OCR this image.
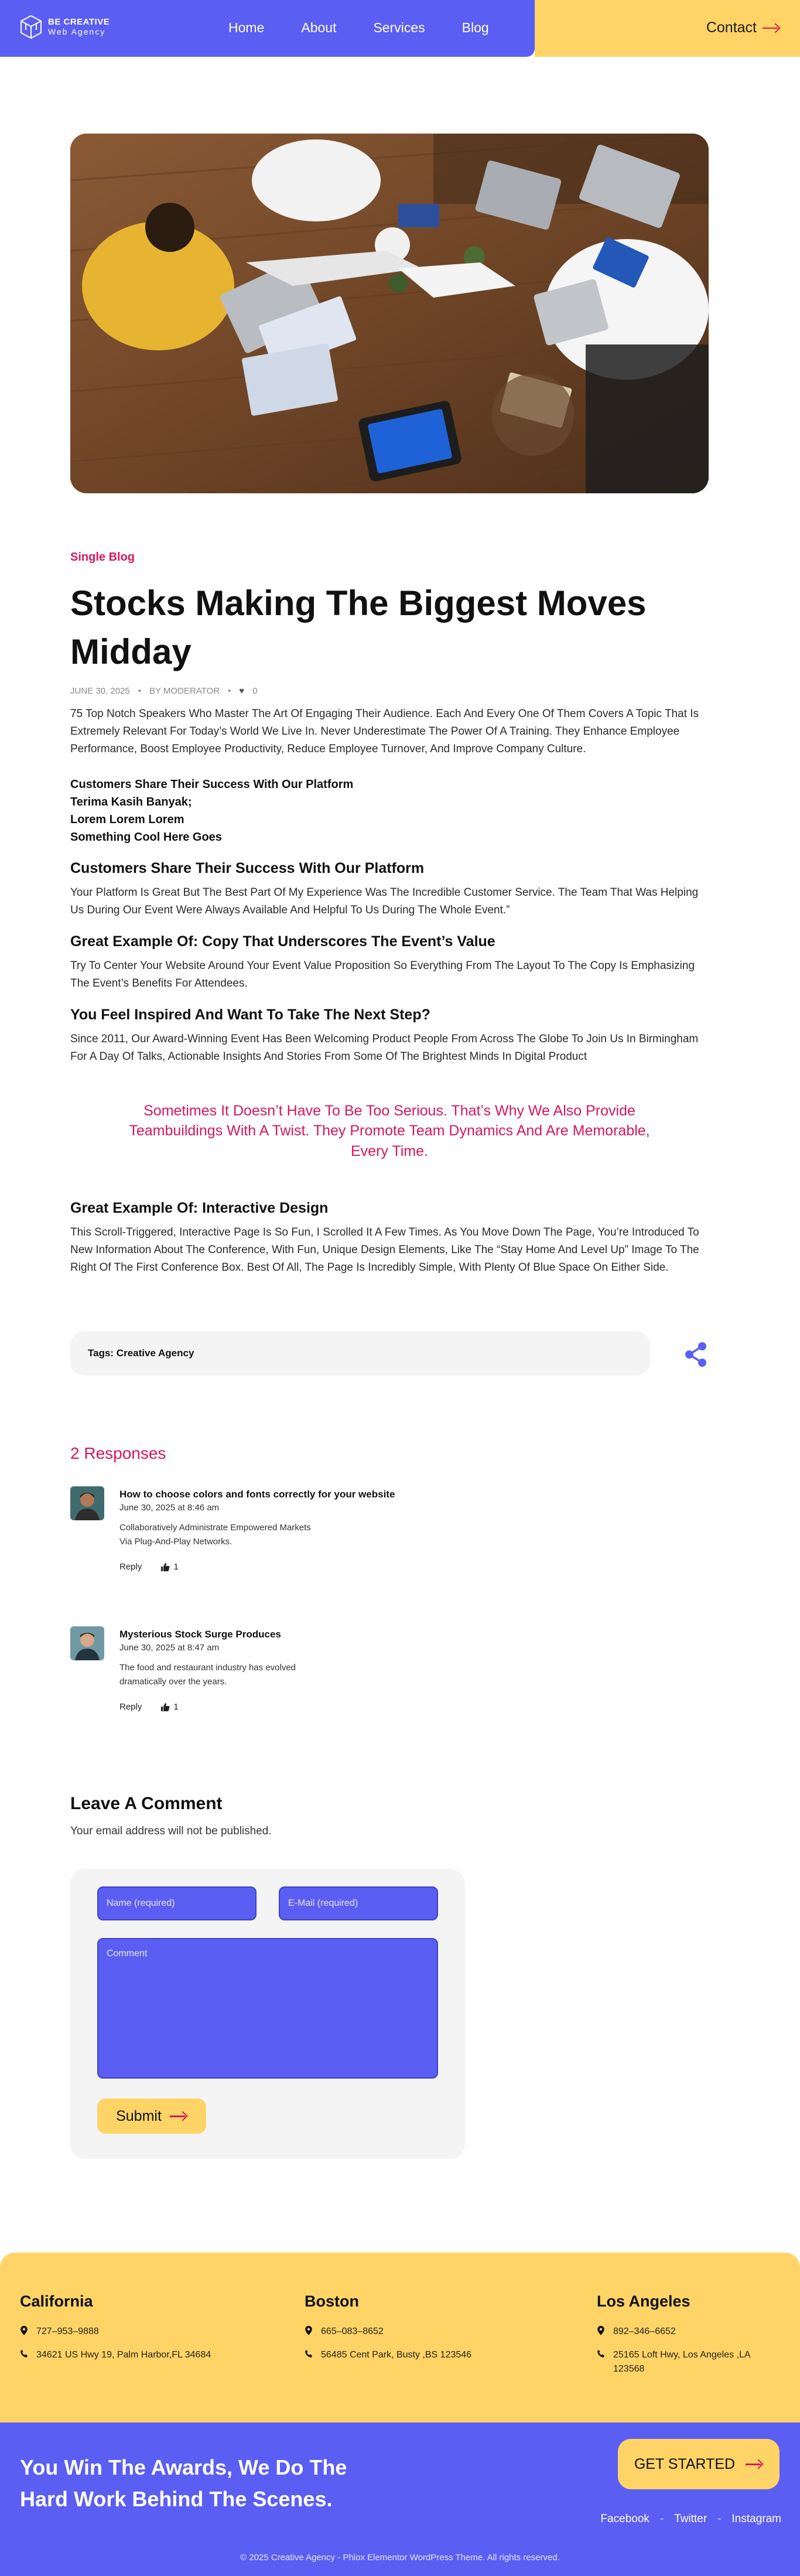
BE CREATIVE
Web Agency	Home	About	Services	Blog	Contact
Single Blog
Stocks Making The Biggest Moves Midday
JUNE 30, 2025 • BY MODERATOR • ♥ 0

75 Top Notch Speakers Who Master The Art Of Engaging Their Audience. Each And Every One Of Them Covers A Topic That Is Extremely Relevant For Today’s World We Live In. Never Underestimate The Power Of A Training. They Enhance Employee Performance, Boost Employee Productivity, Reduce Employee Turnover, And Improve Company Culture.

Customers Share Their Success With Our Platform
Terima Kasih Banyak;
Lorem Lorem Lorem
Something Cool Here Goes
Customers Share Their Success With Our Platform

Your Platform Is Great But The Best Part Of My Experience Was The Incredible Customer Service. The Team That Was Helping Us During Our Event Were Always Available And Helpful To Us During The Whole Event.”

Great Example Of: Copy That Underscores The Event’s Value

Try To Center Your Website Around Your Event Value Proposition So Everything From The Layout To The Copy Is Emphasizing The Event’s Benefits For Attendees.

You Feel Inspired And Want To Take The Next Step?

Since 2011, Our Award-Winning Event Has Been Welcoming Product People From Across The Globe To Join Us In Birmingham For A Day Of Talks, Actionable Insights And Stories From Some Of The Brightest Minds In Digital Product

Sometimes It Doesn’t Have To Be Too Serious. That’s Why We Also Provide Teambuildings With A Twist. They Promote Team Dynamics And Are Memorable, Every Time.
Great Example Of: Interactive Design

This Scroll-Triggered, Interactive Page Is So Fun, I Scrolled It A Few Times. As You Move Down The Page, You’re Introduced To New Information About The Conference, With Fun, Unique Design Elements, Like The “Stay Home And Level Up” Image To The Right Of The First Conference Box. Best Of All, The Page Is Incredibly Simple, With Plenty Of Blue Space On Either Side.

Tags: Creative Agency
2 Responses
How to choose colors and fonts correctly for your website
June 30, 2025 at 8:46 am
Collaboratively Administrate Empowered Markets Via Plug-And-Play Networks.
Reply	1
Mysterious Stock Surge Produces
June 30, 2025 at 8:47 am
The food and restaurant industry has evolved dramatically over the years.
Reply	1
Leave A Comment
Your email address will not be published.
Name (required)	E-Mail (required)
Comment
Submit
California
727–953–9888
34621 US Hwy 19, Palm Harbor,FL 34684
Boston
665–083–8652
56485 Cent Park, Busty ,BS 123546
Los Angeles
892–346–6652
25165 Loft Hwy, Los Angeles ,LA 123568
You Win The Awards, We Do The Hard Work Behind The Scenes.
GET STARTED
Facebook - Twitter - Instagram
© 2025 Creative Agency - Phlox Elementor WordPress Theme. All rights reserved.
